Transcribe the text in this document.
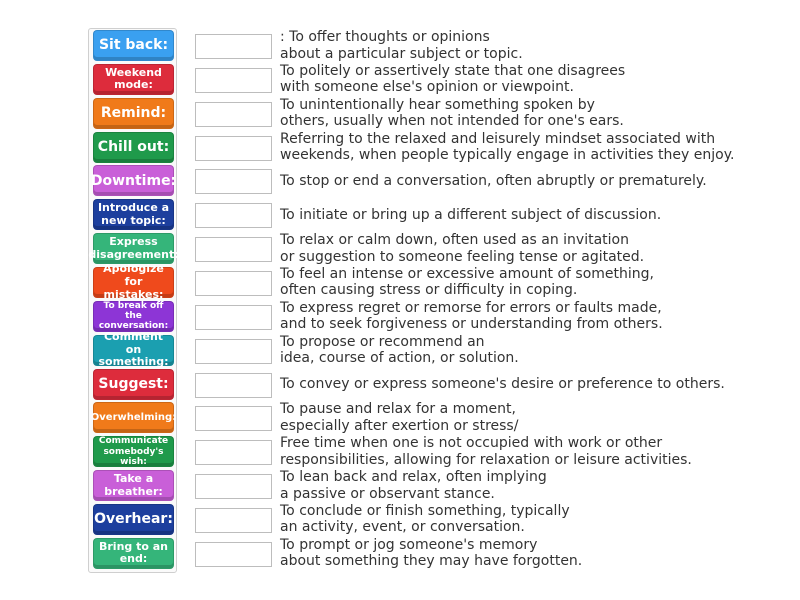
Sit back:
Weekend mode:
Remind:
Chill out:
Downtime:
Introduce a new topic:
Express disagreement:
Apologize for mistakes:
To break off the conversation:
Comment on something:
Suggest:
Overwhelming:
Communicate somebody's wish:
Take a breather:
Overhear:
Bring to an end:
: To offer thoughts or opinions
about a particular subject or topic.
To politely or assertively state that one disagrees
with someone else's opinion or viewpoint.
To unintentionally hear something spoken by
others, usually when not intended for one's ears.
Referring to the relaxed and leisurely mindset associated with
weekends, when people typically engage in activities they enjoy.
To stop or end a conversation, often abruptly or prematurely.
To initiate or bring up a different subject of discussion.
To relax or calm down, often used as an invitation
or suggestion to someone feeling tense or agitated.
To feel an intense or excessive amount of something,
often causing stress or difficulty in coping.
To express regret or remorse for errors or faults made,
and to seek forgiveness or understanding from others.
To propose or recommend an
idea, course of action, or solution.
To convey or express someone's desire or preference to others.
To pause and relax for a moment,
especially after exertion or stress/
Free time when one is not occupied with work or other
responsibilities, allowing for relaxation or leisure activities.
To lean back and relax, often implying
a passive or observant stance.
To conclude or finish something, typically
an activity, event, or conversation.
To prompt or jog someone's memory
about something they may have forgotten.
